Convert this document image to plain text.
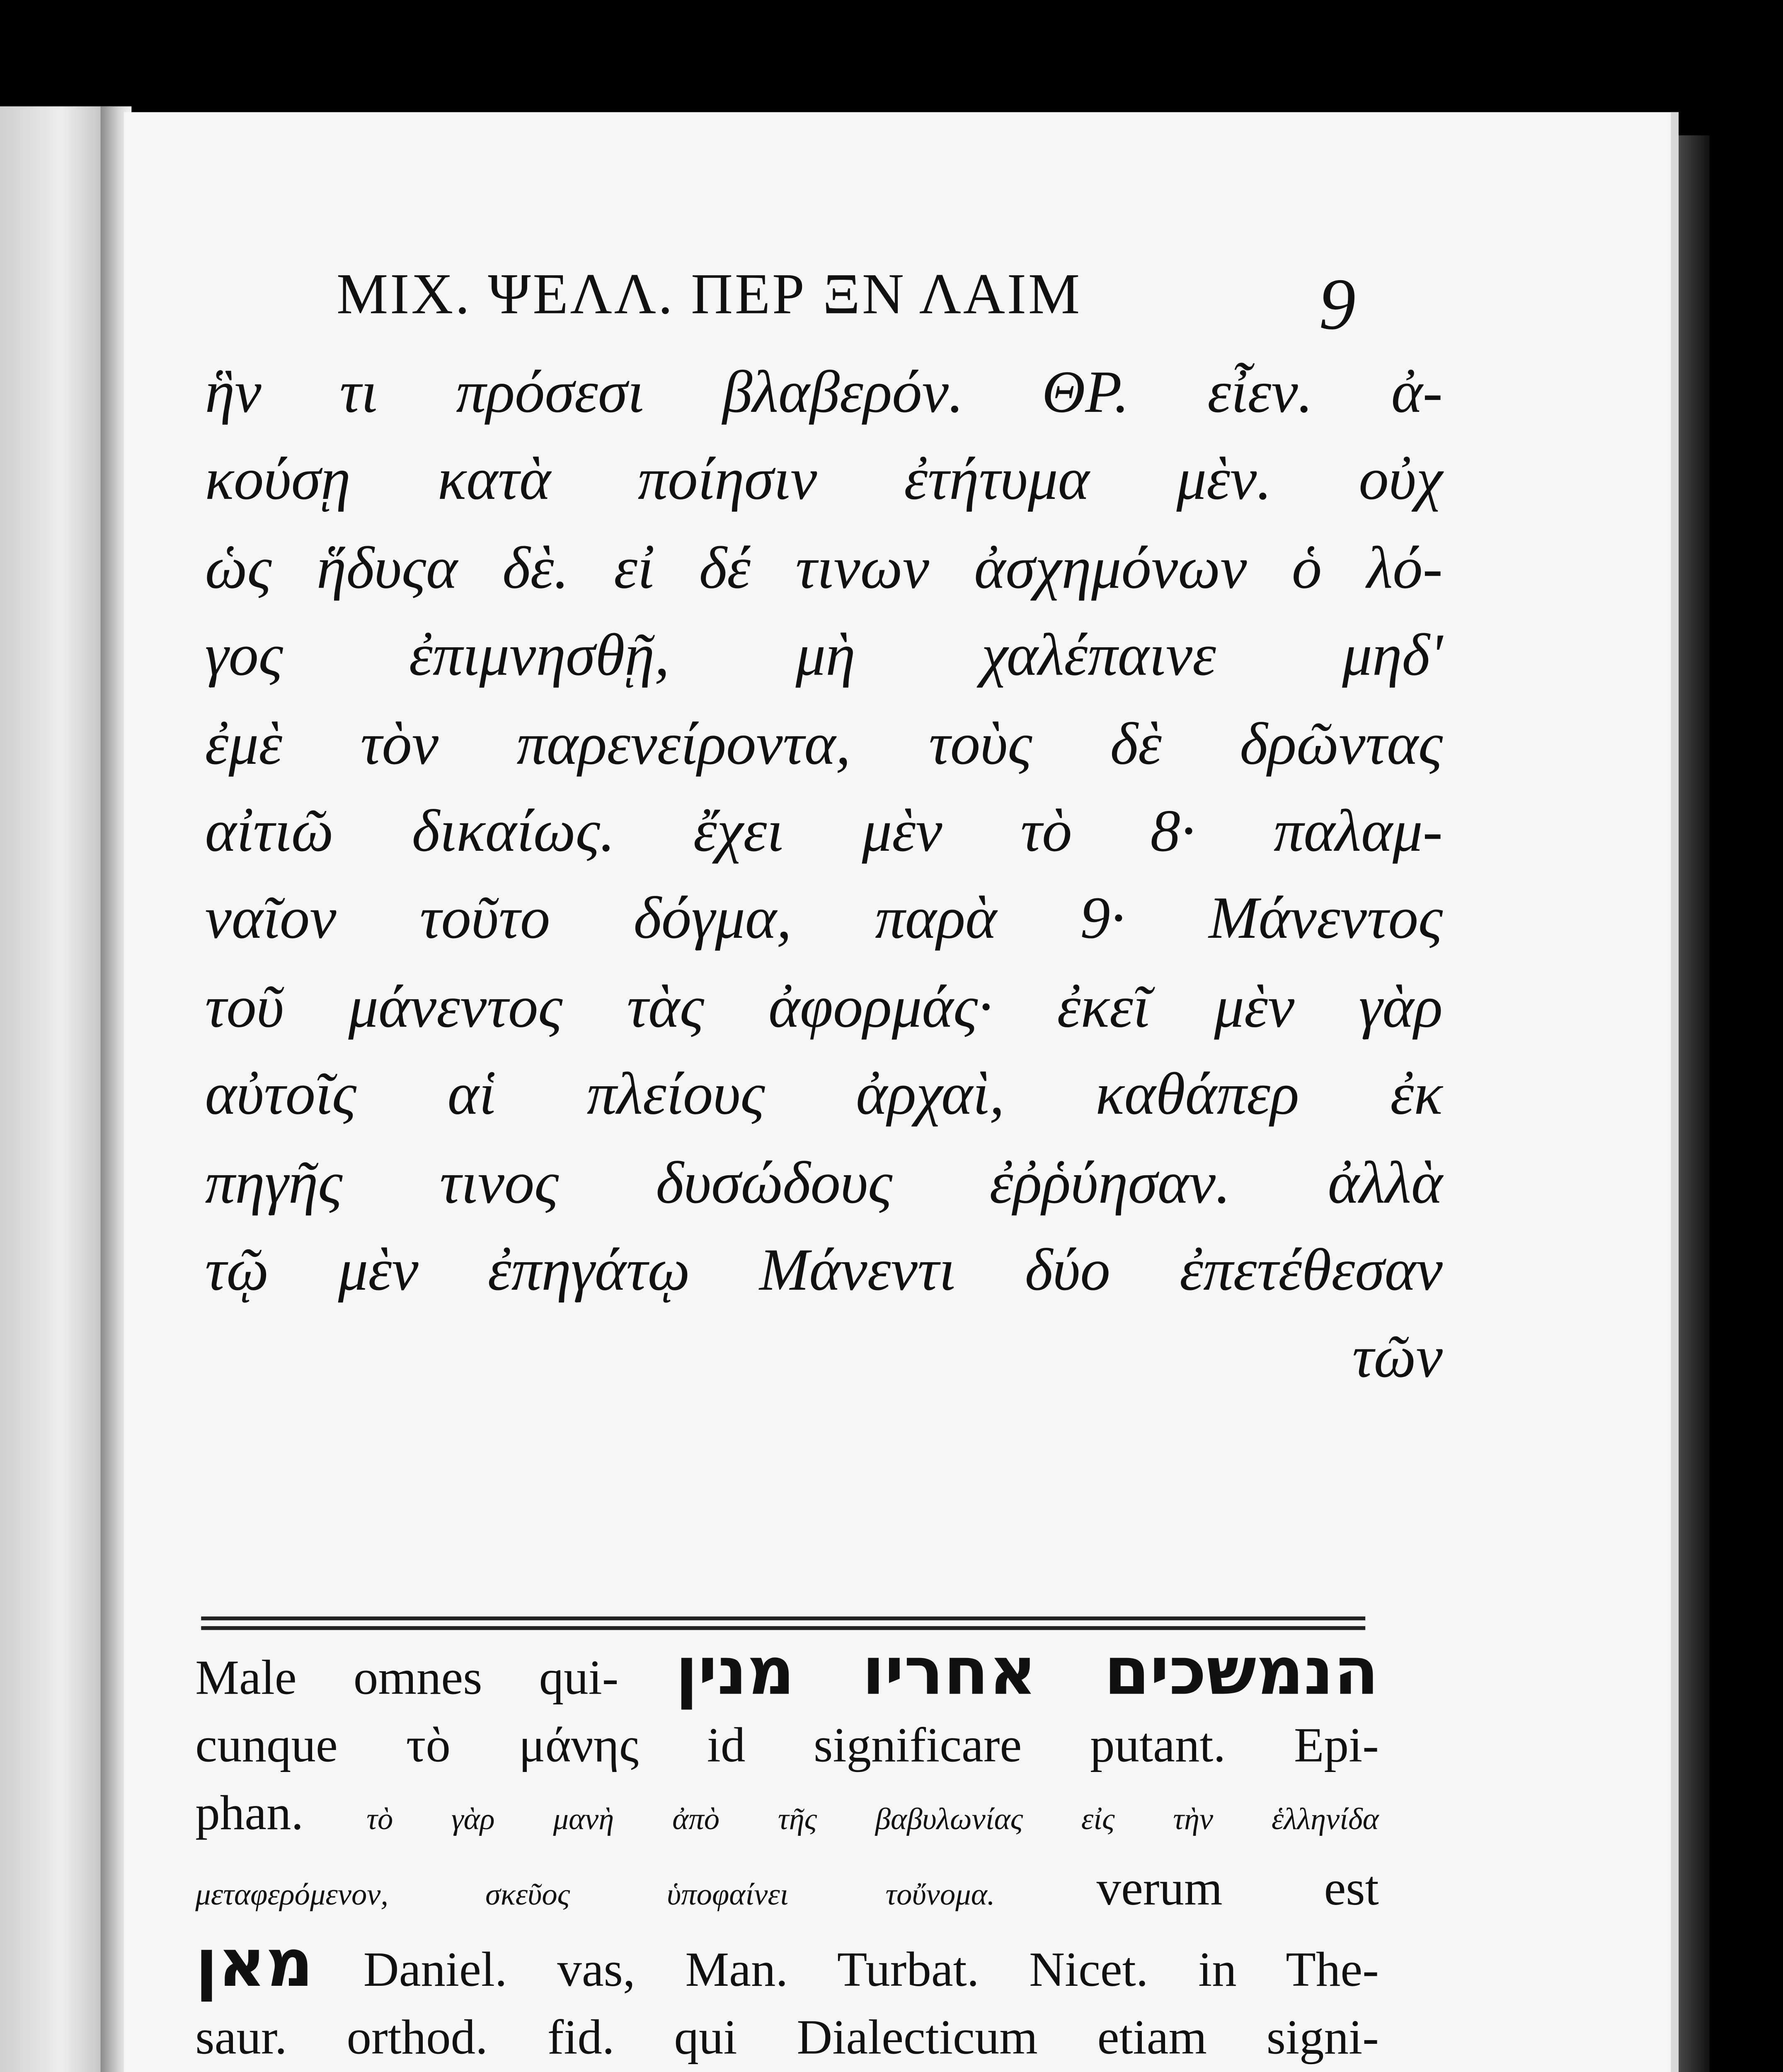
MIX. ΨΕΛΛ. ΠΕΡ ΞΝ ΛΑΙΜ	9
ἣν τι πρόσεσι βλαβερόν. ΘΡ. εἶεν. ἀ-
κούσῃ κατὰ ποίησιν ἐτήτυμα μὲν. οὐχ
ὡς ἥδυςα δὲ. εἰ δέ τινων ἀσχημόνων ὁ λό-
γος ἐπιμνησθῇ, μὴ χαλέπαινε μηδ'
ἐμὲ τὸν παρενείροντα, τοὺς δὲ δρῶντας
αἰτιῶ δικαίως. ἔχει μὲν τὸ 8· παλαμ-
ναῖον τοῦτο δόγμα, παρὰ 9· Μάνεντος
τοῦ μάνεντος τὰς ἀφορμάς· ἐκεῖ μὲν γὰρ
αὐτοῖς αἱ πλείους ἀρχαὶ, καθάπερ ἐκ
πηγῆς τινος δυσώδους ἐῤῥύησαν. ἀλλὰ
τῷ μὲν ἐπηγάτῳ Μάνεντι δύο ἐπετέθεσαν
τῶν
Male omnes qui-	הנמשכים אחריו מנין
cunque τὸ μάνης id significare putant. Epi-
phan.	τὸ γὰρ μανὴ ἀπὸ τῆς βαβυλωνίας εἰς τὴν ἑλληνίδα
μεταφερόμενον, σκεῦος ὑποφαίνει τοὔνομα.	verum est
מאן	Daniel. vas, Man. Turbat. Nicet. in The-
saur. orthod. fid. qui Dialecticum etiam signi-
